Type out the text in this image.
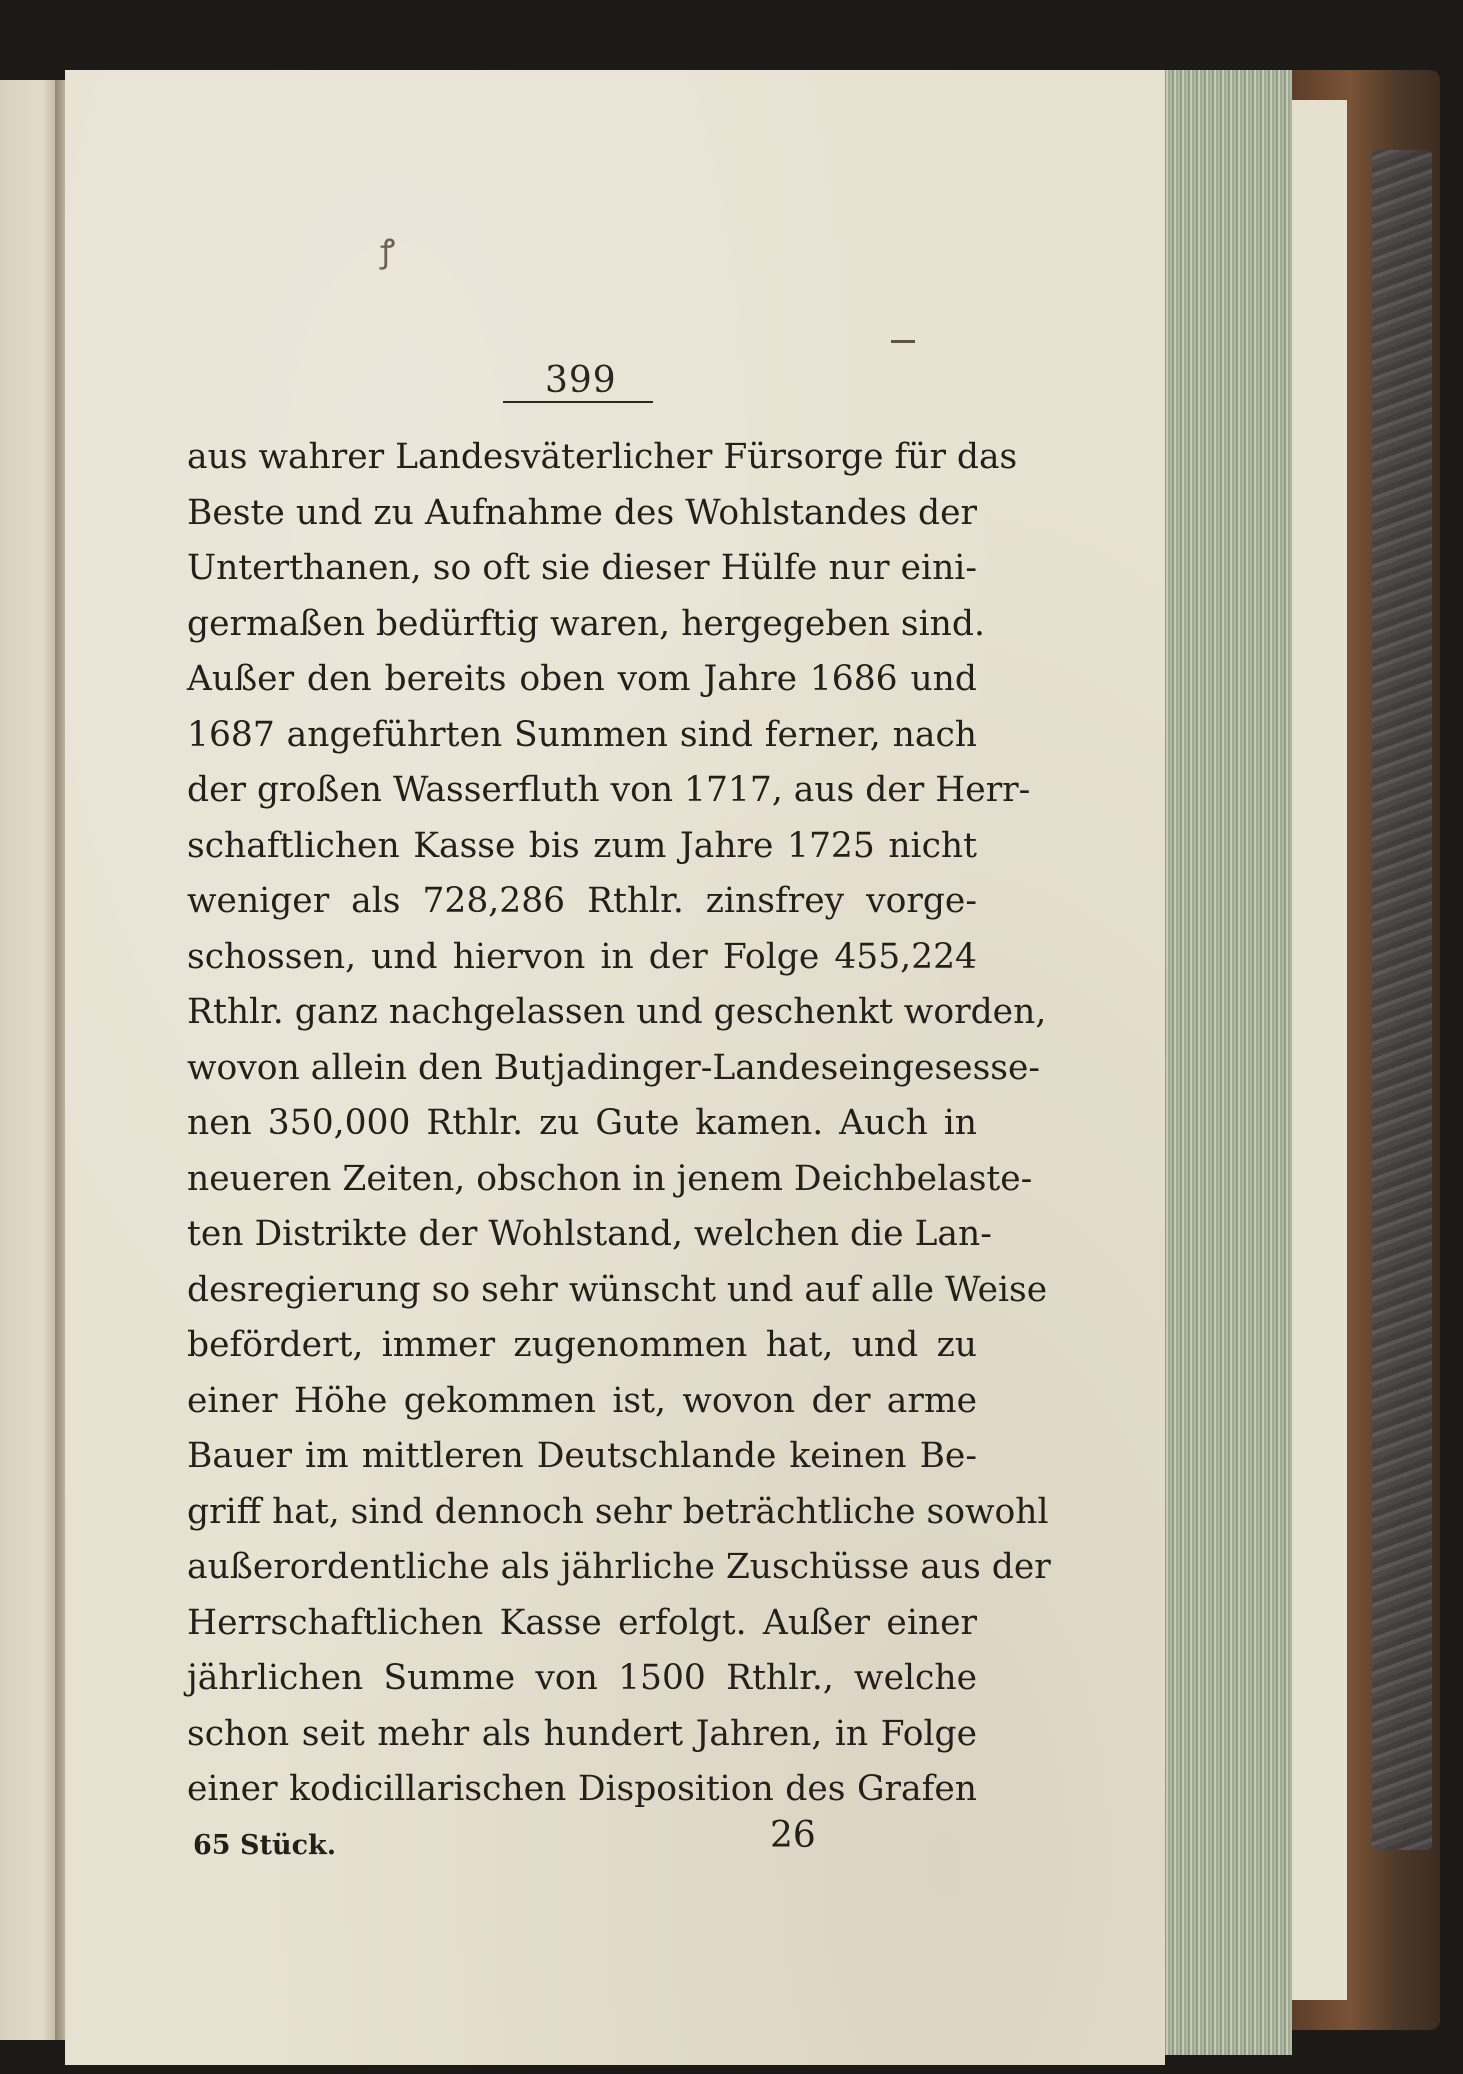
ꝭ
399
aus wahrer Landesväterlicher Fürsorge für das
Beste und zu Aufnahme des Wohlstandes der
Unterthanen, so oft sie dieser Hülfe nur eini-
germaßen bedürftig waren, hergegeben sind.
Außer den bereits oben vom Jahre 1686 und
1687 angeführten Summen sind ferner, nach
der großen Wasserfluth von 1717, aus der Herr-
schaftlichen Kasse bis zum Jahre 1725 nicht
weniger als 728,286 Rthlr. zinsfrey vorge-
schossen, und hiervon in der Folge 455,224
Rthlr. ganz nachgelassen und geschenkt worden,
wovon allein den Butjadinger-Landeseingesesse-
nen 350,000 Rthlr. zu Gute kamen. Auch in
neueren Zeiten, obschon in jenem Deichbelaste-
ten Distrikte der Wohlstand, welchen die Lan-
desregierung so sehr wünscht und auf alle Weise
befördert, immer zugenommen hat, und zu
einer Höhe gekommen ist, wovon der arme
Bauer im mittleren Deutschlande keinen Be-
griff hat, sind dennoch sehr beträchtliche sowohl
außerordentliche als jährliche Zuschüsse aus der
Herrschaftlichen Kasse erfolgt. Außer einer
jährlichen Summe von 1500 Rthlr., welche
schon seit mehr als hundert Jahren, in Folge
einer kodicillarischen Disposition des Grafen
65 Stück.	26
